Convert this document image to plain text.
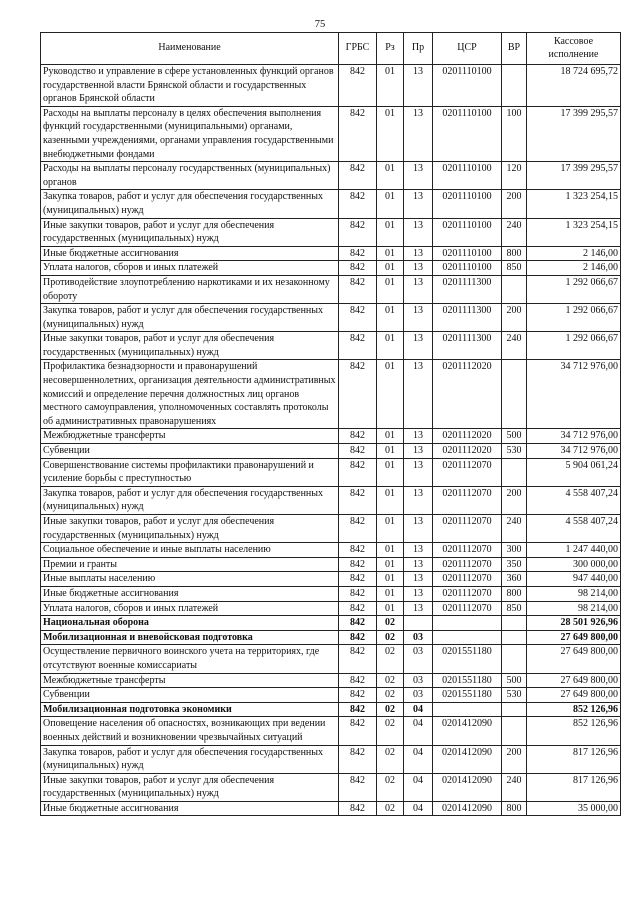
75
Наименование	ГРБС	Рз	Пр	ЦСР	ВР	Кассовое исполнение
Руководство и управление в сфере установленных функций органов государственной власти Брянской области и государственных органов Брянской области	842	01	13	0201110100		18 724 695,72
Расходы на выплаты персоналу в целях обеспечения выполнения функций государственными (муниципальными) органами, казенными учреждениями, органами управления государственными внебюджетными фондами	842	01	13	0201110100	100	17 399 295,57
Расходы на выплаты персоналу государственных (муниципальных) органов	842	01	13	0201110100	120	17 399 295,57
Закупка товаров, работ и услуг для обеспечения государственных (муниципальных) нужд	842	01	13	0201110100	200	1 323 254,15
Иные закупки товаров, работ и услуг для обеспечения государственных (муниципальных) нужд	842	01	13	0201110100	240	1 323 254,15
Иные бюджетные ассигнования	842	01	13	0201110100	800	2 146,00
Уплата налогов, сборов и иных платежей	842	01	13	0201110100	850	2 146,00
Противодействие злоупотреблению наркотиками и их незаконному обороту	842	01	13	0201111300		1 292 066,67
Закупка товаров, работ и услуг для обеспечения государственных (муниципальных) нужд	842	01	13	0201111300	200	1 292 066,67
Иные закупки товаров, работ и услуг для обеспечения государственных (муниципальных) нужд	842	01	13	0201111300	240	1 292 066,67
Профилактика безнадзорности и правонарушений несовершеннолетних, организация деятельности административных комиссий и определение перечня должностных лиц органов местного самоуправления, уполномоченных составлять протоколы об административных правонарушениях	842	01	13	0201112020		34 712 976,00
Межбюджетные трансферты	842	01	13	0201112020	500	34 712 976,00
Субвенции	842	01	13	0201112020	530	34 712 976,00
Совершенствование системы профилактики правонарушений и усиление борьбы с преступностью	842	01	13	0201112070		5 904 061,24
Закупка товаров, работ и услуг для обеспечения государственных (муниципальных) нужд	842	01	13	0201112070	200	4 558 407,24
Иные закупки товаров, работ и услуг для обеспечения государственных (муниципальных) нужд	842	01	13	0201112070	240	4 558 407,24
Социальное обеспечение и иные выплаты населению	842	01	13	0201112070	300	1 247 440,00
Премии и гранты	842	01	13	0201112070	350	300 000,00
Иные выплаты населению	842	01	13	0201112070	360	947 440,00
Иные бюджетные ассигнования	842	01	13	0201112070	800	98 214,00
Уплата налогов, сборов и иных платежей	842	01	13	0201112070	850	98 214,00
Национальная оборона	842	02				28 501 926,96
Мобилизационная и вневойсковая подготовка	842	02	03			27 649 800,00
Осуществление первичного воинского учета на территориях, где отсутствуют военные комиссариаты	842	02	03	0201551180		27 649 800,00
Межбюджетные трансферты	842	02	03	0201551180	500	27 649 800,00
Субвенции	842	02	03	0201551180	530	27 649 800,00
Мобилизационная подготовка экономики	842	02	04			852 126,96
Оповещение населения об опасностях, возникающих при ведении военных действий и возникновении чрезвычайных ситуаций	842	02	04	0201412090		852 126,96
Закупка товаров, работ и услуг для обеспечения государственных (муниципальных) нужд	842	02	04	0201412090	200	817 126,96
Иные закупки товаров, работ и услуг для обеспечения государственных (муниципальных) нужд	842	02	04	0201412090	240	817 126,96
Иные бюджетные ассигнования	842	02	04	0201412090	800	35 000,00
